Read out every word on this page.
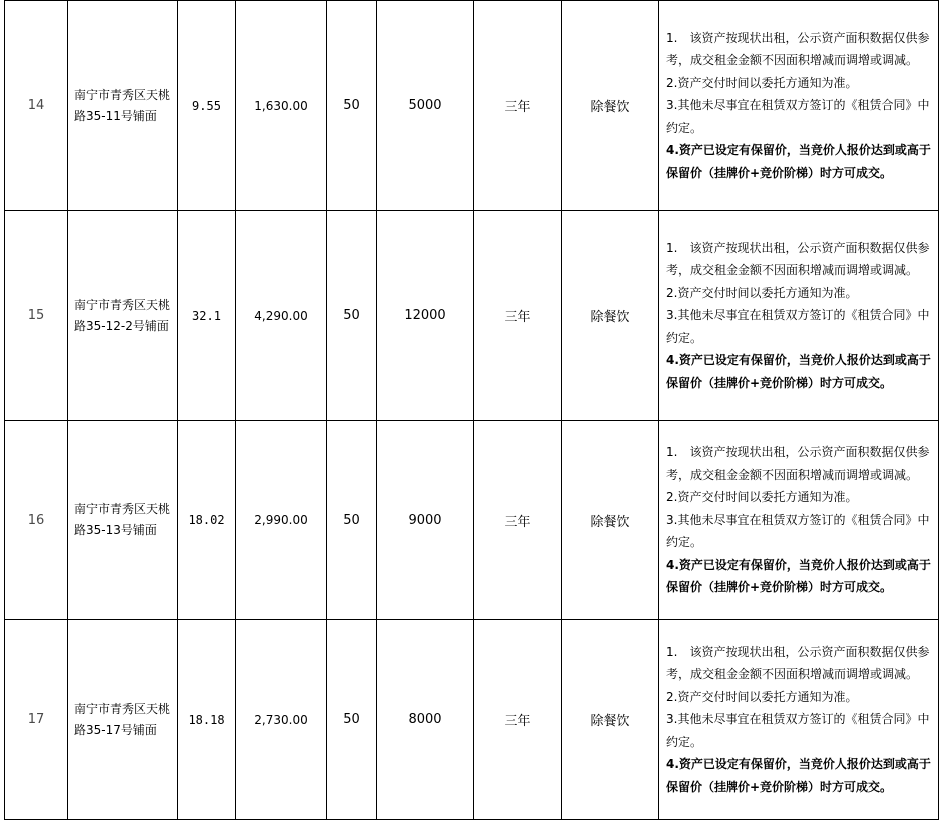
14	南宁市青秀区天桃路35-11号铺面	9.55	1,630.00	50	5000	三年	除餐饮	1.　该资产按现状出租，公示资产面积数据仅供参考，成交租金金额不因面积增减而调增或调减。

2.资产交付时间以委托方通知为准。

3.其他未尽事宜在租赁双方签订的《租赁合同》中约定。

4.资产已设定有保留价，当竞价人报价达到或高于保留价（挂牌价+竞价阶梯）时方可成交。

15	南宁市青秀区天桃路35-12-2号铺面	32.1	4,290.00	50	12000	三年	除餐饮	1.　该资产按现状出租，公示资产面积数据仅供参考，成交租金金额不因面积增减而调增或调减。

2.资产交付时间以委托方通知为准。

3.其他未尽事宜在租赁双方签订的《租赁合同》中约定。

4.资产已设定有保留价，当竞价人报价达到或高于保留价（挂牌价+竞价阶梯）时方可成交。

16	南宁市青秀区天桃路35-13号铺面	18.02	2,990.00	50	9000	三年	除餐饮	1.　该资产按现状出租，公示资产面积数据仅供参考，成交租金金额不因面积增减而调增或调减。

2.资产交付时间以委托方通知为准。

3.其他未尽事宜在租赁双方签订的《租赁合同》中约定。

4.资产已设定有保留价，当竞价人报价达到或高于保留价（挂牌价+竞价阶梯）时方可成交。

17	南宁市青秀区天桃路35-17号铺面	18.18	2,730.00	50	8000	三年	除餐饮	1.　该资产按现状出租，公示资产面积数据仅供参考，成交租金金额不因面积增减而调增或调减。

2.资产交付时间以委托方通知为准。

3.其他未尽事宜在租赁双方签订的《租赁合同》中约定。

4.资产已设定有保留价，当竞价人报价达到或高于保留价（挂牌价+竞价阶梯）时方可成交。
